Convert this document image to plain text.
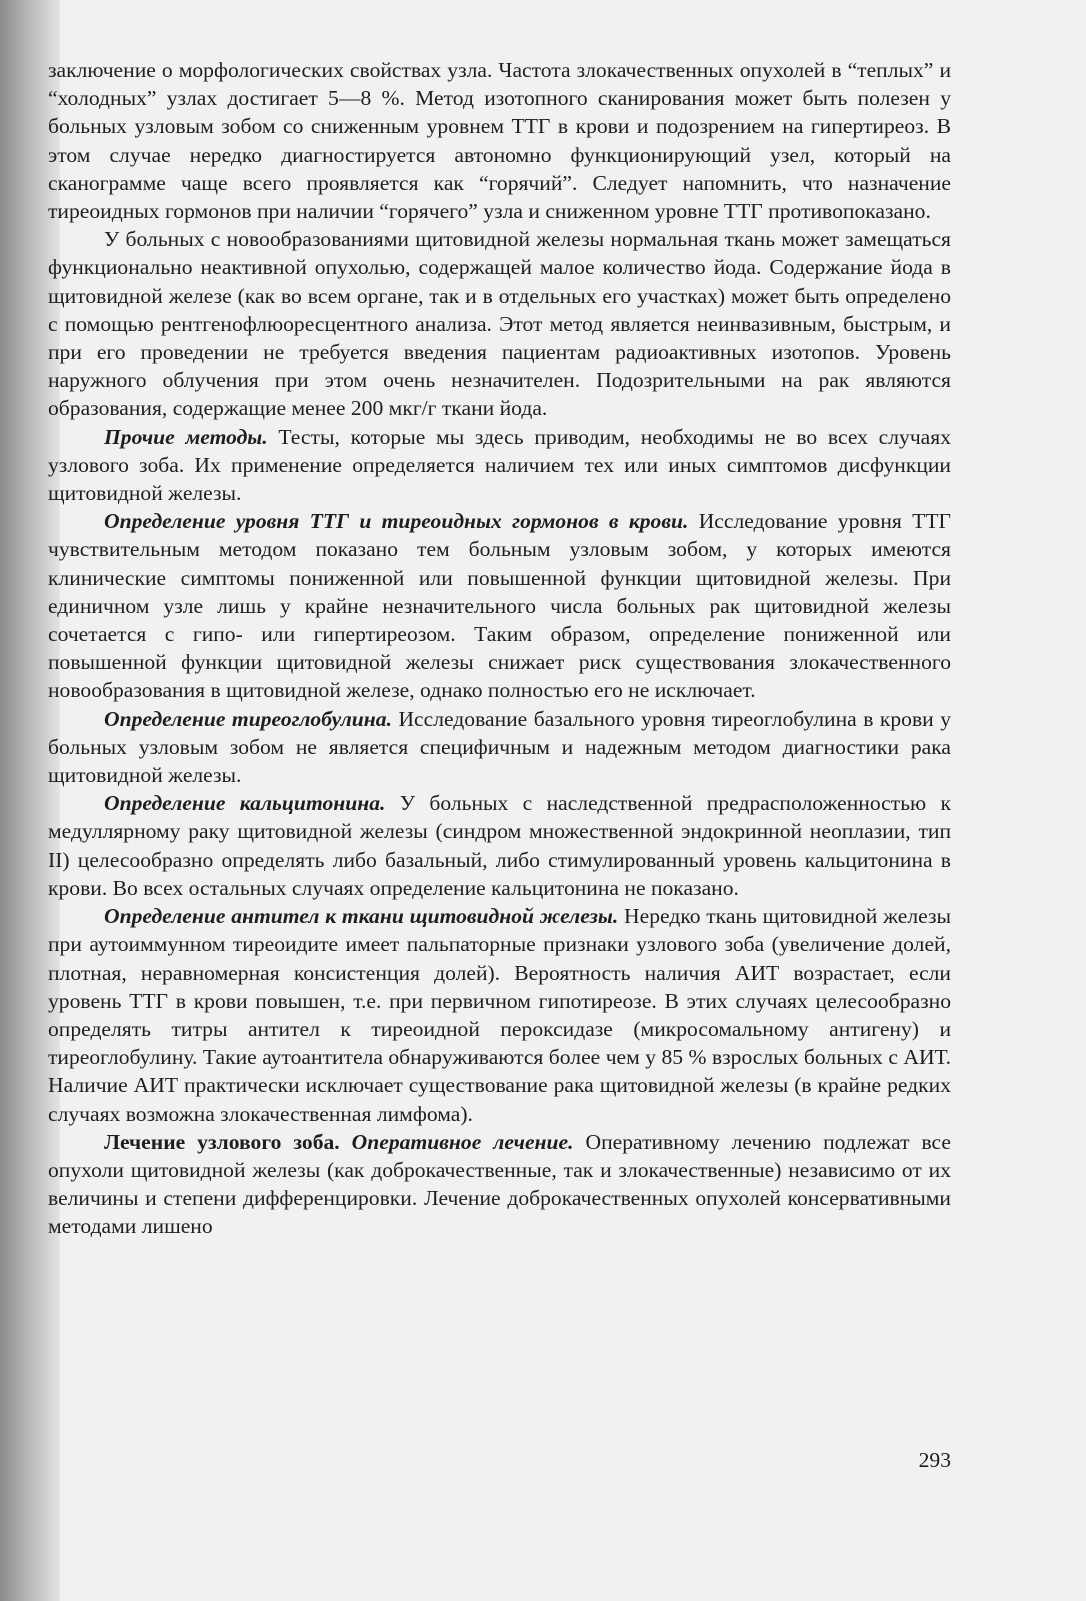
заключение о морфологических свойствах узла. Частота злокачественных опухолей в “теплых” и “холодных” узлах достигает 5—8 %. Метод изотопного сканирования может быть полезен у больных узловым зобом со сниженным уровнем ТТГ в крови и подозрением на гипертиреоз. В этом случае нередко диагностируется автономно функционирующий узел, который на сканограмме чаще всего проявляется как “горячий”. Следует напомнить, что назначение тиреоидных гормонов при наличии “горячего” узла и сниженном уровне ТТГ противопоказано.

У больных с новообразованиями щитовидной железы нормальная ткань может замещаться функционально неактивной опухолью, содержащей малое количество йода. Содержание йода в щитовидной железе (как во всем органе, так и в отдельных его участках) может быть определено с помощью рентгенофлюоресцентного анализа. Этот метод является неинвазивным, быстрым, и при его проведении не требуется введения пациентам радиоактивных изотопов. Уровень наружного облучения при этом очень незначителен. Подозрительными на рак являются образования, содержащие менее 200 мкг/г ткани йода.

Прочие методы. Тесты, которые мы здесь приводим, необходимы не во всех случаях узлового зоба. Их применение определяется наличием тех или иных симптомов дисфункции щитовидной железы.

Определение уровня ТТГ и тиреоидных гормонов в крови. Исследование уровня ТТГ чувствительным методом показано тем больным узловым зобом, у которых имеются клинические симптомы пониженной или повышенной функции щитовидной железы. При единичном узле лишь у крайне незначительного числа больных рак щитовидной железы сочетается с гипо- или гипертиреозом. Таким образом, определение пониженной или повышенной функции щитовидной железы снижает риск существования злокачественного новообразования в щитовидной железе, однако полностью его не исключает.

Определение тиреоглобулина. Исследование базального уровня тиреоглобулина в крови у больных узловым зобом не является специфичным и надежным методом диагностики рака щитовидной железы.

Определение кальцитонина. У больных с наследственной предрасположенностью к медуллярному раку щитовидной железы (синдром множественной эндокринной неоплазии, тип II) целесообразно определять либо базальный, либо стимулированный уровень кальцитонина в крови. Во всех остальных случаях определение кальцитонина не показано.

Определение антител к ткани щитовидной железы. Нередко ткань щитовидной железы при аутоиммунном тиреоидите имеет пальпаторные признаки узлового зоба (увеличение долей, плотная, неравномерная консистенция долей). Вероятность наличия АИТ возрастает, если уровень ТТГ в крови повышен, т.е. при первичном гипотиреозе. В этих случаях целесообразно определять титры антител к тиреоидной пероксидазе (микросомальному антигену) и тиреоглобулину. Такие аутоантитела обнаруживаются более чем у 85 % взрослых больных с АИТ. Наличие АИТ практически исключает существование рака щитовидной железы (в крайне редких случаях возможна злокачественная лимфома).

Лечение узлового зоба. Оперативное лечение. Оперативному лечению подлежат все опухоли щитовидной железы (как доброкачественные, так и злокачественные) независимо от их величины и степени дифференцировки. Лечение доброкачественных опухолей консервативными методами лишено

293
